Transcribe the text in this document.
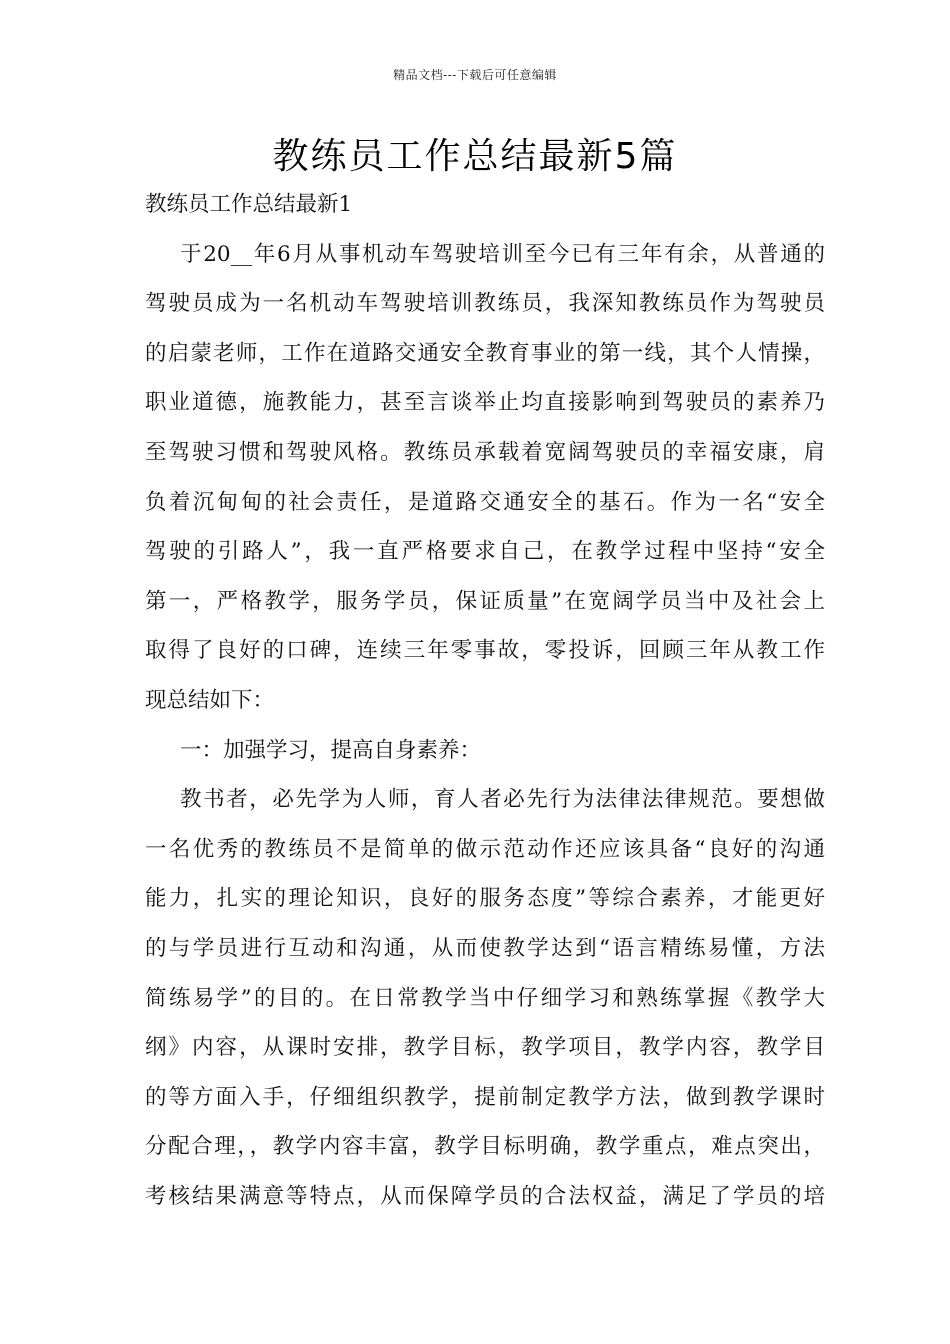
精品文档---下载后可任意编辑
教练员工作总结最新5篇
教练员工作总结最新1
于20__年6月从事机动车驾驶培训至今已有三年有余，从普通的
驾驶员成为一名机动车驾驶培训教练员，我深知教练员作为驾驶员
的启蒙老师，工作在道路交通安全教育事业的第一线，其个人情操，
职业道德，施教能力，甚至言谈举止均直接影响到驾驶员的素养乃
至驾驶习惯和驾驶风格。教练员承载着宽阔驾驶员的幸福安康，肩
负着沉甸甸的社会责任，是道路交通安全的基石。作为一名“安全
驾驶的引路人”，我一直严格要求自己，在教学过程中坚持“安全
第一，严格教学，服务学员，保证质量”在宽阔学员当中及社会上
取得了良好的口碑，连续三年零事故，零投诉，回顾三年从教工作
现总结如下：
一：加强学习，提高自身素养：
教书者，必先学为人师，育人者必先行为法律法律规范。要想做
一名优秀的教练员不是简单的做示范动作还应该具备“良好的沟通
能力，扎实的理论知识，良好的服务态度”等综合素养，才能更好
的与学员进行互动和沟通，从而使教学达到“语言精练易懂，方法
简练易学”的目的。在日常教学当中仔细学习和熟练掌握《教学大
纲》内容，从课时安排，教学目标，教学项目，教学内容，教学目
的等方面入手，仔细组织教学，提前制定教学方法，做到教学课时
分配合理，，教学内容丰富，教学目标明确，教学重点，难点突出，
考核结果满意等特点，从而保障学员的合法权益，满足了学员的培
